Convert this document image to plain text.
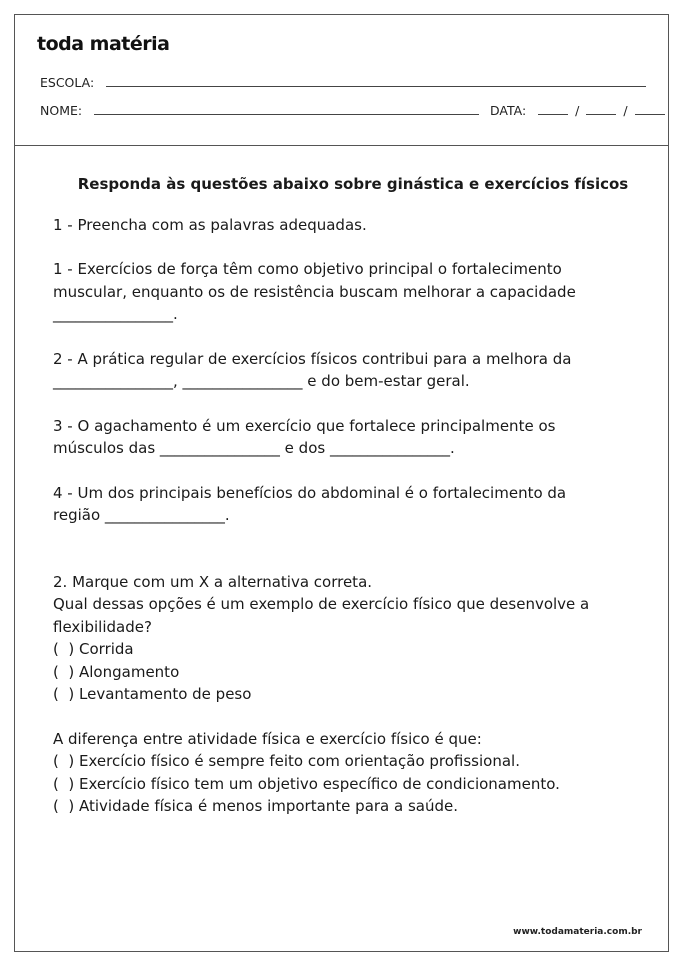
toda matéria
ESCOLA:
NOME:	DATA:	/	/

Responda às questões abaixo sobre ginástica e exercícios físicos

1 - Preencha com as palavras adequadas.

1 - Exercícios de força têm como objetivo principal o fortalecimento
muscular, enquanto os de resistência buscam melhorar a capacidade
________________.

2 - A prática regular de exercícios físicos contribui para a melhora da
________________, ________________ e do bem-estar geral.

3 - O agachamento é um exercício que fortalece principalmente os
músculos das ________________ e dos ________________.

4 - Um dos principais benefícios do abdominal é o fortalecimento da
região ________________.

2. Marque com um X a alternativa correta.

Qual dessas opções é um exemplo de exercício físico que desenvolve a
flexibilidade?

(  ) Corrida

(  ) Alongamento

(  ) Levantamento de peso

A diferença entre atividade física e exercício físico é que:

(  ) Exercício físico é sempre feito com orientação profissional.

(  ) Exercício físico tem um objetivo específico de condicionamento.

(  ) Atividade física é menos importante para a saúde.

www.todamateria.com.br
